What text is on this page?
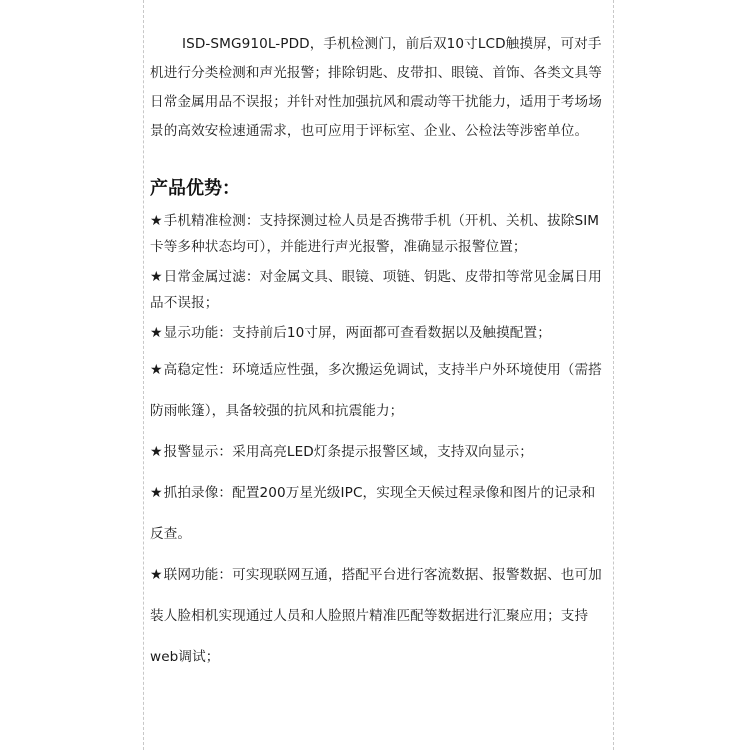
ISD-SMG910L-PDD，手机检测门，前后双10寸LCD触摸屏，可对手机进行分类检测和声光报警；排除钥匙、皮带扣、眼镜、首饰、各类文具等日常金属用品不误报；并针对性加强抗风和震动等干扰能力，适用于考场场景的高效安检速通需求，也可应用于评标室、企业、公检法等涉密单位。

产品优势：
★手机精准检测：支持探测过检人员是否携带手机（开机、关机、拔除SIM卡等多种状态均可），并能进行声光报警，准确显示报警位置；
★日常金属过滤：对金属文具、眼镜、项链、钥匙、皮带扣等常见金属日用品不误报；
★显示功能：支持前后10寸屏，两面都可查看数据以及触摸配置；
★高稳定性：环境适应性强，多次搬运免调试，支持半户外环境使用（需搭防雨帐篷），具备较强的抗风和抗震能力；
★报警显示：采用高亮LED灯条提示报警区域，支持双向显示；
★抓拍录像：配置200万星光级IPC，实现全天候过程录像和图片的记录和反查。
★联网功能：可实现联网互通，搭配平台进行客流数据、报警数据、也可加装人脸相机实现通过人员和人脸照片精准匹配等数据进行汇聚应用；支持web调试；
